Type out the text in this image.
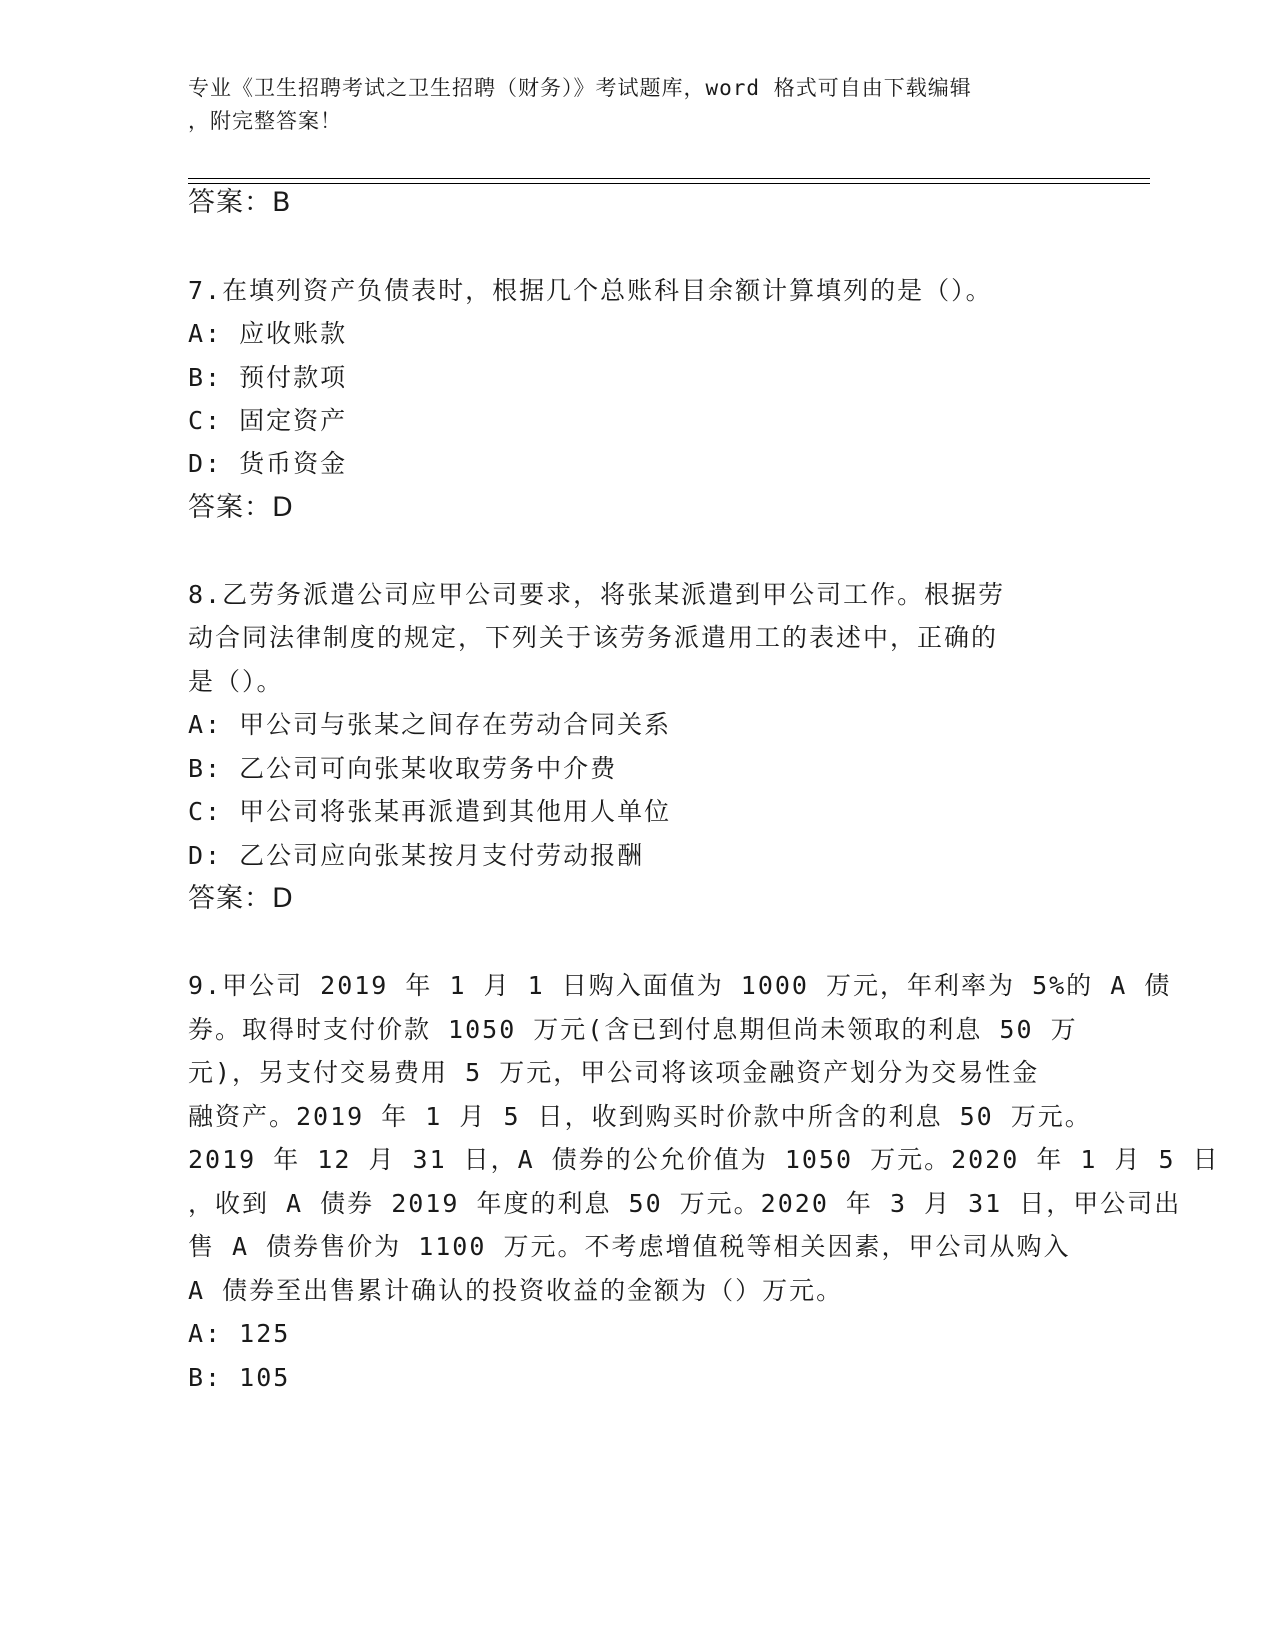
专业《卫生招聘考试之卫生招聘（财务）》考试题库，word 格式可自由下载编辑
，附完整答案！
答案：B
7.在填列资产负债表时，根据几个总账科目余额计算填列的是（）。
A: 应收账款
B: 预付款项
C: 固定资产
D: 货币资金
答案：D
8.乙劳务派遣公司应甲公司要求，将张某派遣到甲公司工作。根据劳
动合同法律制度的规定，下列关于该劳务派遣用工的表述中，正确的
是（）。
A: 甲公司与张某之间存在劳动合同关系
B: 乙公司可向张某收取劳务中介费
C: 甲公司将张某再派遣到其他用人单位
D: 乙公司应向张某按月支付劳动报酬
答案：D
9.甲公司 2019 年 1 月 1 日购入面值为 1000 万元，年利率为 5%的 A 债
券。取得时支付价款 1050 万元(含已到付息期但尚未领取的利息 50 万
元)，另支付交易费用 5 万元，甲公司将该项金融资产划分为交易性金
融资产。2019 年 1 月 5 日，收到购买时价款中所含的利息 50 万元。
2019 年 12 月 31 日，A 债券的公允价值为 1050 万元。2020 年 1 月 5 日
，收到 A 债券 2019 年度的利息 50 万元。2020 年 3 月 31 日，甲公司出
售 A 债券售价为 1100 万元。不考虑增值税等相关因素，甲公司从购入
A 债券至出售累计确认的投资收益的金额为（）万元。
A: 125
B: 105
